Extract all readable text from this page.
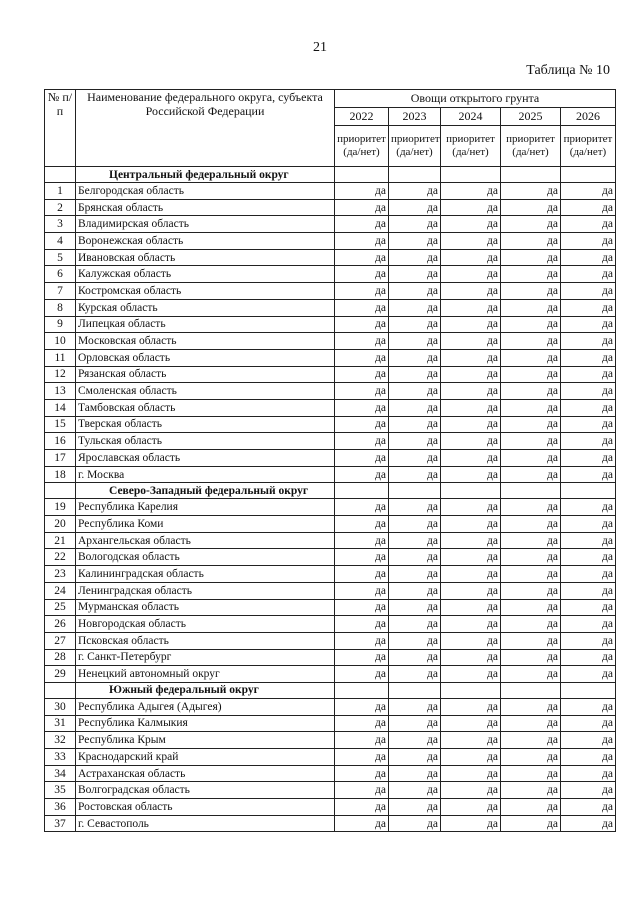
21
Таблица № 10
№ п/п	Наименование федерального округа, субъекта Российской Федерации	Овощи открытого грунта				
		2022	2023	2024	2025	2026
		приоритет (да/нет)	приоритет (да/нет)	приоритет (да/нет)	приоритет (да/нет)	приоритет (да/нет)
	Центральный федеральный округ					
1	Белгородская область	да	да	да	да	да
2	Брянская область	да	да	да	да	да
3	Владимирская область	да	да	да	да	да
4	Воронежская область	да	да	да	да	да
5	Ивановская область	да	да	да	да	да
6	Калужская область	да	да	да	да	да
7	Костромская область	да	да	да	да	да
8	Курская область	да	да	да	да	да
9	Липецкая область	да	да	да	да	да
10	Московская область	да	да	да	да	да
11	Орловская область	да	да	да	да	да
12	Рязанская область	да	да	да	да	да
13	Смоленская область	да	да	да	да	да
14	Тамбовская область	да	да	да	да	да
15	Тверская область	да	да	да	да	да
16	Тульская область	да	да	да	да	да
17	Ярославская область	да	да	да	да	да
18	г. Москва	да	да	да	да	да
	Северо-Западный федеральный округ					
19	Республика Карелия	да	да	да	да	да
20	Республика Коми	да	да	да	да	да
21	Архангельская область	да	да	да	да	да
22	Вологодская область	да	да	да	да	да
23	Калининградская область	да	да	да	да	да
24	Ленинградская область	да	да	да	да	да
25	Мурманская область	да	да	да	да	да
26	Новгородская область	да	да	да	да	да
27	Псковская область	да	да	да	да	да
28	г. Санкт-Петербург	да	да	да	да	да
29	Ненецкий автономный округ	да	да	да	да	да
	Южный федеральный округ					
30	Республика Адыгея (Адыгея)	да	да	да	да	да
31	Республика Калмыкия	да	да	да	да	да
32	Республика Крым	да	да	да	да	да
33	Краснодарский край	да	да	да	да	да
34	Астраханская область	да	да	да	да	да
35	Волгоградская область	да	да	да	да	да
36	Ростовская область	да	да	да	да	да
37	г. Севастополь	да	да	да	да	да
